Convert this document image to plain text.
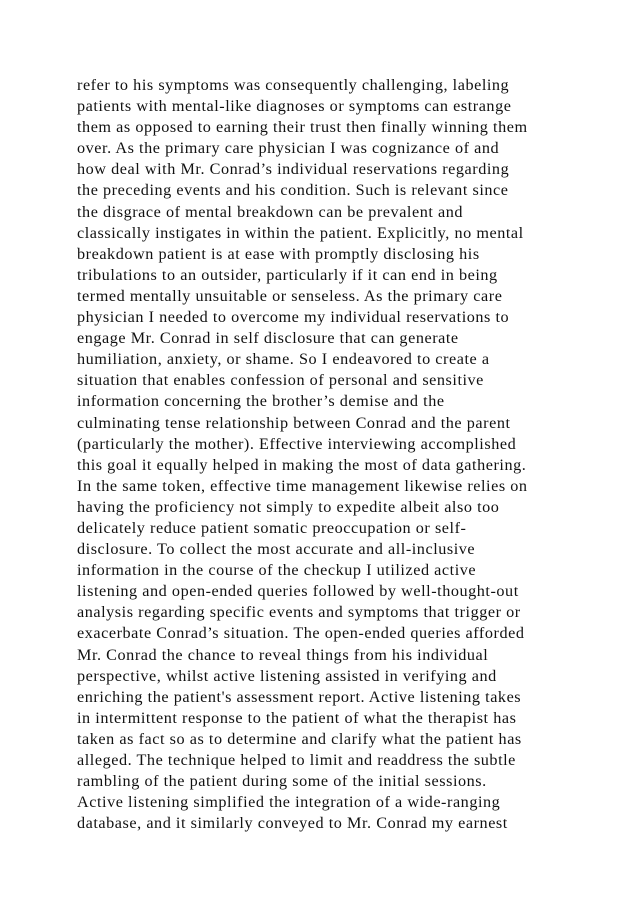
refer to his symptoms was consequently challenging, labeling
patients with mental-like diagnoses or symptoms can estrange
them as opposed to earning their trust then finally winning them
over. As the primary care physician I was cognizance of and
how deal with Mr. Conrad’s individual reservations regarding
the preceding events and his condition. Such is relevant since
the disgrace of mental breakdown can be prevalent and
classically instigates in within the patient. Explicitly, no mental
breakdown patient is at ease with promptly disclosing his
tribulations to an outsider, particularly if it can end in being
termed mentally unsuitable or senseless. As the primary care
physician I needed to overcome my individual reservations to
engage Mr. Conrad in self disclosure that can generate
humiliation, anxiety, or shame. So I endeavored to create a
situation that enables confession of personal and sensitive
information concerning the brother’s demise and the
culminating tense relationship between Conrad and the parent
(particularly the mother). Effective interviewing accomplished
this goal it equally helped in making the most of data gathering.
In the same token, effective time management likewise relies on
having the proficiency not simply to expedite albeit also too
delicately reduce patient somatic preoccupation or self-
disclosure. To collect the most accurate and all-inclusive
information in the course of the checkup I utilized active
listening and open-ended queries followed by well-thought-out
analysis regarding specific events and symptoms that trigger or
exacerbate Conrad’s situation. The open-ended queries afforded
Mr. Conrad the chance to reveal things from his individual
perspective, whilst active listening assisted in verifying and
enriching the patient's assessment report. Active listening takes
in intermittent response to the patient of what the therapist has
taken as fact so as to determine and clarify what the patient has
alleged. The technique helped to limit and readdress the subtle
rambling of the patient during some of the initial sessions.
Active listening simplified the integration of a wide-ranging
database, and it similarly conveyed to Mr. Conrad my earnest
